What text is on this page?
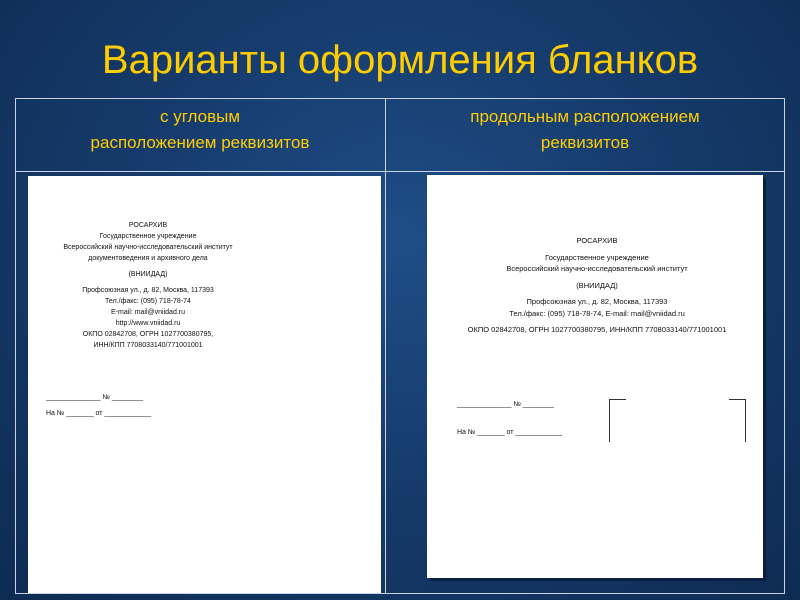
Варианты оформления бланков
с угловым
расположением реквизитов
продольным расположением
реквизитов
РОСАРХИВ
Государственное учреждение
Всероссийский научно-исследовательский институт
документоведения и архивного дела
(ВНИИДАД)
Профсоюзная ул., д. 82, Москва, 117393
Тел./факс: (095) 718-78-74
E-mail: mail@vniidad.ru
http://www.vniidad.ru
ОКПО 02842708, ОГРН 1027700380795,
ИНН/КПП 7708033140/771001001
______________ № ________
На № _______ от ____________
РОСАРХИВ
Государственное учреждение
Всероссийский научно-исследовательский институт
(ВНИИДАД)
Профсоюзная ул., д. 82, Москва, 117393
Тел./факс: (095) 718-78-74, E-mail: mail@vniidad.ru
ОКПО 02842708, ОГРН 1027700380795, ИНН/КПП 7708033140/771001001
______________ № ________
На № _______ от ____________
